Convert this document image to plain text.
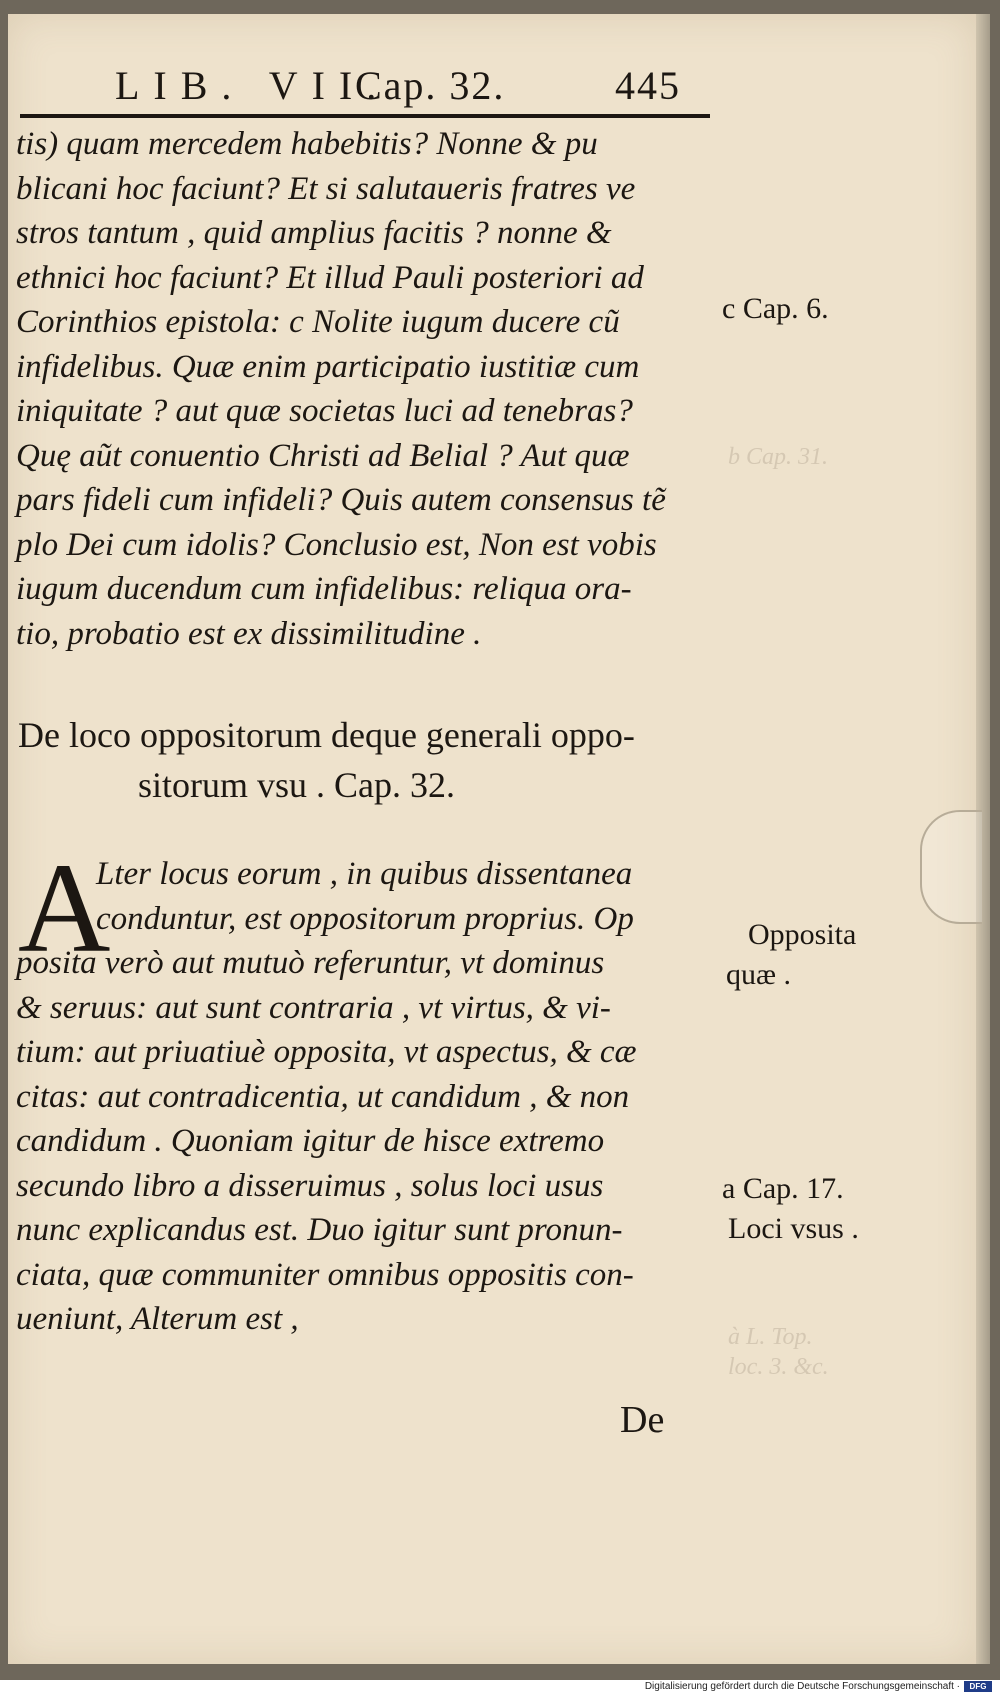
b Cap. 31.
à L. Top.
loc. 3. &c.
LIB. VII.
Cap. 32.	445
tis) quam mercedem habebitis? Nonne & pu
blicani hoc faciunt? Et si salutaueris fratres ve
stros tantum , quid amplius facitis ? nonne &
ethnici hoc faciunt? Et illud Pauli posteriori ad
Corinthios epistola: c Nolite iugum ducere cũ
infidelibus. Quæ enim participatio iustitiæ cum
iniquitate ? aut quæ societas luci ad tenebras?
Quę aũt conuentio Christi ad Belial ? Aut quæ
pars fideli cum infideli? Quis autem consensus tẽ
plo Dei cum idolis? Conclusio est, Non est vobis
iugum ducendum cum infidelibus: reliqua ora-
tio, probatio est ex dissimilitudine .
De loco oppositorum deque generali oppo-
sitorum vsu . Cap. 32.
A
Lter locus eorum , in quibus dissentanea
conduntur, est oppositorum proprius. Op
posita verò aut mutuò referuntur, vt dominus
& seruus: aut sunt contraria , vt virtus, & vi-
tium: aut priuatiuè opposita, vt aspectus, & cæ
citas: aut contradicentia, ut candidum , & non
candidum . Quoniam igitur de hisce extremo
secundo libro a disseruimus , solus loci usus
nunc explicandus est. Duo igitur sunt pronun-
ciata, quæ communiter omnibus oppositis con-
ueniunt, Alterum est ,
c Cap. 6.
Opposita
quæ .
a Cap. 17.
Loci vsus .
De
Digitalisierung gefördert durch die Deutsche Forschungsgemeinschaft ·	DFG
